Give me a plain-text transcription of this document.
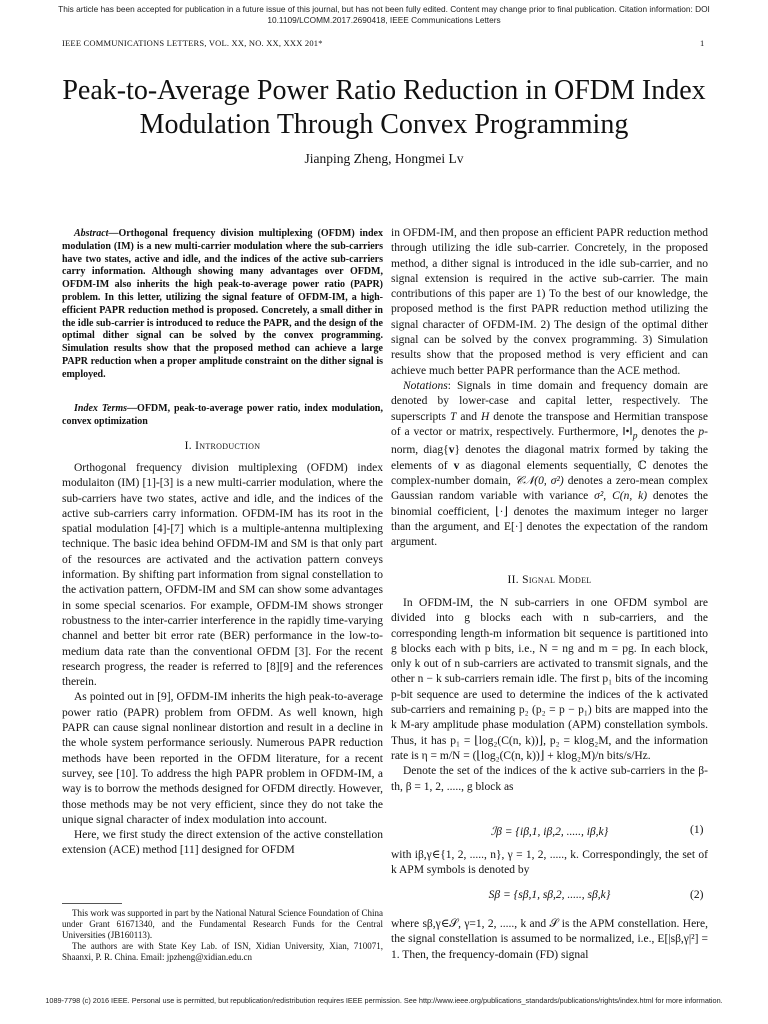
This article has been accepted for publication in a future issue of this journal, but has not been fully edited. Content may change prior to final publication. Citation information: DOI 10.1109/LCOMM.2017.2690418, IEEE Communications Letters
IEEE COMMUNICATIONS LETTERS, VOL. XX, NO. XX, XXX 201*	1
Peak-to-Average Power Ratio Reduction in OFDM Index Modulation Through Convex Programming
Jianping Zheng, Hongmei Lv

Abstract—Orthogonal frequency division multiplexing (OFDM) index modulation (IM) is a new multi-carrier modulation where the sub-carriers have two states, active and idle, and the indices of the active sub-carriers carry information. Although showing many advantages over OFDM, OFDM-IM also inherits the high peak-to-average power ratio (PAPR) problem. In this letter, utilizing the signal feature of OFDM-IM, a high-efficient PAPR reduction method is proposed. Concretely, a small dither in the idle sub-carrier is introduced to reduce the PAPR, and the design of the optimal dither signal can be solved by the convex programming. Simulation results show that the proposed method can achieve a large PAPR reduction when a proper amplitude constraint on the dither signal is employed.

Index Terms—OFDM, peak-to-average power ratio, index modulation, convex optimization

I. Introduction

Orthogonal frequency division multiplexing (OFDM) index modulaiton (IM) [1]-[3] is a new multi-carrier modulation, where the sub-carriers have two states, active and idle, and the indices of the active sub-carriers carry information. OFDM-IM has its root in the spatial modulation [4]-[7] which is a multiple-antenna multiplexing technique. The basic idea behind OFDM-IM and SM is that only part of the resources are activated and the activation pattern conveys information. By shifting part information from signal constellation to the activation pattern, OFDM-IM and SM can show some advantages in some special scenarios. For example, OFDM-IM shows stronger robustness to the inter-carrier interference in the rapidly time-varying channel and better bit error rate (BER) performance in the low-to-medium data rate than the conventional OFDM [3]. For the recent research progress, the reader is referred to [8][9] and the references therein.

As pointed out in [9], OFDM-IM inherits the high peak-to-average power ratio (PAPR) problem from OFDM. As well known, high PAPR can cause signal nonlinear distortion and result in a decline in the whole system performance seriously. Numerous PAPR reduction methods have been reported in the OFDM literature, for a recent survey, see [10]. To address the high PAPR problem in OFDM-IM, a way is to borrow the methods designed for OFDM directly. However, those methods may be not very efficient, since they do not take the unique signal character of index modulation into account.

Here, we first study the direct extension of the active constellation extension (ACE) method [11] designed for OFDM

This work was supported in part by the National Natural Science Foundation of China under Grant 61671340, and the Fundamental Research Funds for the Central Universities (JB160113).

The authors are with State Key Lab. of ISN, Xidian University, Xian, 710071, Shaanxi, P. R. China. Email: jpzheng@xidian.edu.cn

in OFDM-IM, and then propose an efficient PAPR reduction method through utilizing the idle sub-carrier. Concretely, in the proposed method, a dither signal is introduced in the idle sub-carrier, and no signal extension is required in the active sub-carrier. The main contributions of this paper are 1) To the best of our knowledge, the proposed method is the first PAPR reduction method utilizing the signal character of OFDM-IM. 2) The design of the optimal dither signal can be solved by the convex programming. 3) Simulation results show that the proposed method is very efficient and can achieve much better PAPR performance than the ACE method.

Notations: Signals in time domain and frequency domain are denoted by lower-case and capital letter, respectively. The superscripts T and H denote the transpose and Hermitian transpose of a vector or matrix, respectively. Furthermore, $‖•‖_p$ denotes the p-norm, diag{v} denotes the diagonal matrix formed by taking the elements of v as diagonal elements sequentially, ℂ denotes the complex-number domain, 𝒞𝒩(0, σ²) denotes a zero-mean complex Gaussian random variable with variance σ², C(n, k) denotes the binomial coefficient, ⌊·⌋ denotes the maximum integer no larger than the argument, and E[·] denotes the expectation of the random argument.

II. Signal Model

In OFDM-IM, the N sub-carriers in one OFDM symbol are divided into g blocks each with n sub-carriers, and the corresponding length-m information bit sequence is partitioned into g blocks each with p bits, i.e., N = ng and m = pg. In each block, only k out of n sub-carriers are activated to transmit signals, and the other n − k sub-carriers remain idle. The first p₁ bits of the incoming p-bit sequence are used to determine the indices of the k activated sub-carriers and remaining p₂ (p₂ = p − p₁) bits are mapped into the k M-ary amplitude phase modulation (APM) constellation symbols. Thus, it has p₁ = ⌊log₂(C(n, k))⌋, p₂ = klog₂M, and the information rate is η = m/N = (⌊log₂(C(n, k))⌋ + klog₂M)/n bits/s/Hz.

Denote the set of the indices of the k active sub-carriers in the β-th, β = 1, 2, ....., g block as

ℐβ = {iβ,1, iβ,2, ....., iβ,k}	(1)

with iβ,γ∈{1, 2, ....., n}, γ = 1, 2, ....., k. Correspondingly, the set of k APM symbols is denoted by

Sβ = {sβ,1, sβ,2, ....., sβ,k}	(2)

where sβ,γ∈𝒮, γ=1, 2, ....., k and 𝒮 is the APM constellation. Here, the signal constellation is assumed to be normalized, i.e., E[|sβ,γ|²] = 1. Then, the frequency-domain (FD) signal

1089-7798 (c) 2016 IEEE. Personal use is permitted, but republication/redistribution requires IEEE permission. See http://www.ieee.org/publications_standards/publications/rights/index.html for more information.
